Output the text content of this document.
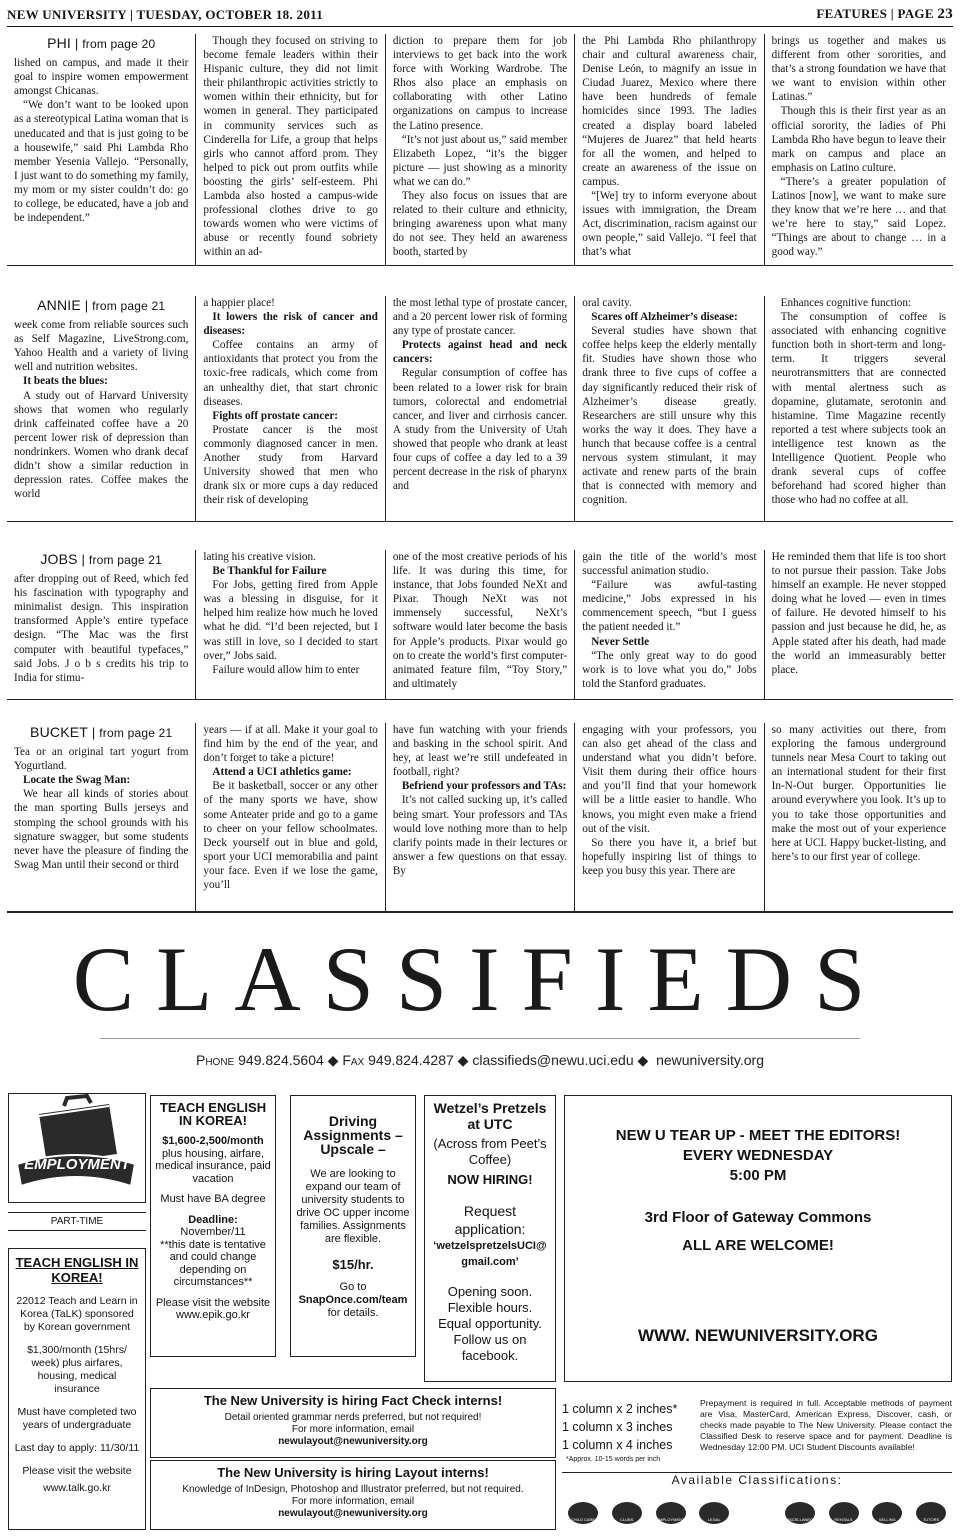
NEW UNIVERSITY | TUESDAY, OCTOBER 18. 2011	FEATURES | PAGE 23
PHI | from page 20

lished on campus, and made it their goal to inspire women empowerment amongst Chicanas.

“We don’t want to be looked upon as a stereotypical Latina woman that is uneducated and that is just going to be a housewife,” said Phi Lambda Rho member Yesenia Vallejo. “Personally, I just want to do something my family, my mom or my sister couldn’t do: go to college, be educated, have a job and be independent.”

Though they focused on striving to become female leaders within their Hispanic culture, they did not limit their philanthropic activities strictly to women within their ethnicity, but for women in general. They participated in community services such as Cinderella for Life, a group that helps girls who cannot afford prom. They helped to pick out prom outfits while boosting the girls’ self-esteem. Phi Lambda also hosted a campus-wide professional clothes drive to go towards women who were victims of abuse or recently found sobriety within an ad-

diction to prepare them for job interviews to get back into the work force with Working Wardrobe. The Rhos also place an emphasis on collaborating with other Latino organizations on campus to increase the Latino presence.

“It’s not just about us,” said member Elizabeth Lopez, “it’s the bigger picture — just showing as a minority what we can do.”

They also focus on issues that are related to their culture and ethnicity, bringing awareness upon what many do not see. They held an awareness booth, started by

the Phi Lambda Rho philanthropy chair and cultural awareness chair, Denise León, to magnify an issue in Ciudad Juarez, Mexico where there have been hundreds of female homicides since 1993. The ladies created a display board labeled “Mujeres de Juarez” that held hearts for all the women, and helped to create an awareness of the issue on campus.

“[We] try to inform everyone about issues with immigration, the Dream Act, discrimination, racism against our own people,” said Vallejo. “I feel that that’s what

brings us together and makes us different from other sororities, and that’s a strong foundation we have that we want to envision within other Latinas.”

Though this is their first year as an official sorority, the ladies of Phi Lambda Rho have begun to leave their mark on campus and place an emphasis on Latino culture.

“There’s a greater population of Latinos [now], we want to make sure they know that we’re here … and that we’re here to stay,” said Lopez. “Things are about to change … in a good way.”

ANNIE | from page 21

week come from reliable sources such as Self Magazine, LiveStrong.com, Yahoo Health and a variety of living well and nutrition websites.

It beats the blues:

A study out of Harvard University shows that women who regularly drink caffeinated coffee have a 20 percent lower risk of depression than nondrinkers. Women who drank decaf didn’t show a similar reduction in depression rates. Coffee makes the world

a happier place!

It lowers the risk of cancer and diseases:

Coffee contains an army of antioxidants that protect you from the toxic-free radicals, which come from an unhealthy diet, that start chronic diseases.

Fights off prostate cancer:

Prostate cancer is the most commonly diagnosed cancer in men. Another study from Harvard University showed that men who drank six or more cups a day reduced their risk of developing

the most lethal type of prostate cancer, and a 20 percent lower risk of forming any type of prostate cancer.

Protects against head and neck cancers:

Regular consumption of coffee has been related to a lower risk for brain tumors, colorectal and endometrial cancer, and liver and cirrhosis cancer. A study from the University of Utah showed that people who drank at least four cups of coffee a day led to a 39 percent decrease in the risk of pharynx and

oral cavity.

Scares off Alzheimer’s disease:

Several studies have shown that coffee helps keep the elderly mentally fit. Studies have shown those who drank three to five cups of coffee a day significantly reduced their risk of Alzheimer’s disease greatly. Researchers are still unsure why this works the way it does. They have a hunch that because coffee is a central nervous system stimulant, it may activate and renew parts of the brain that is connected with memory and cognition.

Enhances cognitive function:

The consumption of coffee is associated with enhancing cognitive function both in short-term and long-term. It triggers several neurotransmitters that are connected with mental alertness such as dopamine, glutamate, serotonin and histamine. Time Magazine recently reported a test where subjects took an intelligence test known as the Intelligence Quotient. People who drank several cups of coffee beforehand had scored higher than those who had no coffee at all.

JOBS | from page 21

after dropping out of Reed, which fed his fascination with typography and minimalist design. This inspiration transformed Apple’s entire typeface design. “The Mac was the first computer with beautiful typefaces,” said Jobs. J o b s credits his trip to India for stimu-

lating his creative vision.

Be Thankful for Failure

For Jobs, getting fired from Apple was a blessing in disguise, for it helped him realize how much he loved what he did. “I’d been rejected, but I was still in love, so I decided to start over,” Jobs said.

Failure would allow him to enter

one of the most creative periods of his life. It was during this time, for instance, that Jobs founded NeXt and Pixar. Though NeXt was not immensely successful, NeXt’s software would later become the basis for Apple’s products. Pixar would go on to create the world’s first computer-animated feature film, “Toy Story,” and ultimately

gain the title of the world’s most successful animation studio.

“Failure was awful-tasting medicine,” Jobs expressed in his commencement speech, “but I guess the patient needed it.”

Never Settle

“The only great way to do good work is to love what you do,” Jobs told the Stanford graduates.

He reminded them that life is too short to not pursue their passion. Take Jobs himself an example. He never stopped doing what he loved — even in times of failure. He devoted himself to his passion and just because he did, he, as Apple stated after his death, had made the world an immeasurably better place.

BUCKET | from page 21

Tea or an original tart yogurt from Yogurtland.

Locate the Swag Man:

We hear all kinds of stories about the man sporting Bulls jerseys and stomping the school grounds with his signature swagger, but some students never have the pleasure of finding the Swag Man until their second or third

years — if at all. Make it your goal to find him by the end of the year, and don’t forget to take a picture!

Attend a UCI athletics game:

Be it basketball, soccer or any other of the many sports we have, show some Anteater pride and go to a game to cheer on your fellow schoolmates. Deck yourself out in blue and gold, sport your UCI memorabilia and paint your face. Even if we lose the game, you’ll

have fun watching with your friends and basking in the school spirit. And hey, at least we’re still undefeated in football, right?

Befriend your professors and TAs:

It’s not called sucking up, it’s called being smart. Your professors and TAs would love nothing more than to help clarify points made in their lectures or answer a few questions on that essay. By

engaging with your professors, you can also get ahead of the class and understand what you didn’t before. Visit them during their office hours and you’ll find that your homework will be a little easier to handle. Who knows, you might even make a friend out of the visit.

So there you have it, a brief but hopefully inspiring list of things to keep you busy this year. There are

so many activities out there, from exploring the famous underground tunnels near Mesa Court to taking out an international student for their first In-N-Out burger. Opportunities lie around everywhere you look. It’s up to you to take those opportunities and make the most out of your experience here at UCI. Happy bucket-listing, and here’s to our first year of college.

CLASSIFIEDS
Phone 949.824.5604 ◆ Fax 949.824.4287 ◆ classifieds@newu.uci.edu ◆ newuniversity.org
EMPLOYMENT
PART-TIME
TEACH ENGLISH IN KOREA!
22012 Teach and Learn in Korea (TaLK) sponsored by Korean government
$1,300/month (15hrs/ week) plus airfares, housing, medical insurance
Must have completed two years of undergraduate
Last day to apply: 11/30/11
Please visit the website
www.talk.go.kr
TEACH ENGLISH IN KOREA!
$1,600-2,500/month
plus housing, airfare, medical insurance, paid vacation
Must have BA degree
Deadline:
November/11
**this date is tentative and could change depending on circumstances**
Please visit the website
www.epik.go.kr
Driving Assignments – Upscale –
We are looking to expand our team of university students to drive OC upper income families. Assignments are flexible.
$15/hr.
Go to
SnapOnce.com/team
for details.
Wetzel’s Pretzels at UTC
(Across from Peet’s Coffee)
NOW HIRING!
Request application:
‘wetzelspretzelsUCI@ gmail.com’
Opening soon.
Flexible hours.
Equal opportunity.
Follow us on facebook.
NEW U TEAR UP - MEET THE EDITORS!
EVERY WEDNESDAY
5:00 PM
3rd Floor of Gateway Commons
ALL ARE WELCOME!
WWW. NEWUNIVERSITY.ORG
The New University is hiring Fact Check interns!
Detail oriented grammar nerds preferred, but not required!
For more information, email
newulayout@newuniversity.org
The New University is hiring Layout interns!
Knowledge of InDesign, Photoshop and Illustrator preferred, but not required.
For more information, email
newulayout@newuniversity.org
1 column x 2 inches*
1 column x 3 inches
1 column x 4 inches
*Approx. 10-15 words per inch
Prepayment is required in full. Acceptable methods of payment are Visa, MasterCard, American Express, Discover, cash, or checks made payable to The New University. Please contact the Classified Desk to reserve space and for payment. Deadline is Wednesday 12:00 PM. UCI Student Discounts available!
Available Classifications:
CHILD CARE	CLUBS	EMPLOYMENT	LEGAL	MISCELLANEOUS	RENTALS	SELLING	TUTORS
